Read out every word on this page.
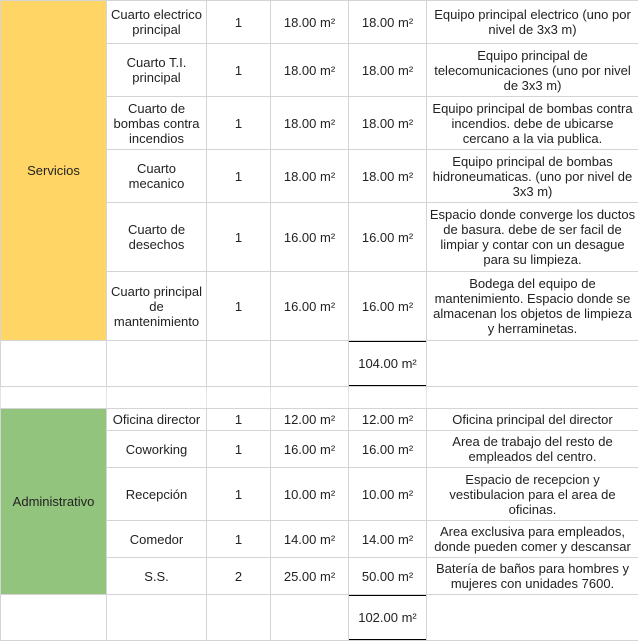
Servicios	Cuarto electrico principal	1	18.00 m²	18.00 m²	Equipo principal electrico (uno por nivel de 3x3 m)
	Cuarto T.I. principal	1	18.00 m²	18.00 m²	Equipo principal de telecomunicaciones (uno por nivel de 3x3 m)
	Cuarto de bombas contra incendios	1	18.00 m²	18.00 m²	Equipo principal de bombas contra incendios. debe de ubicarse cercano a la via publica.
	Cuarto mecanico	1	18.00 m²	18.00 m²	Equipo principal de bombas hidroneumaticas. (uno por nivel de 3x3 m)
	Cuarto de desechos	1	16.00 m²	16.00 m²	Espacio donde converge los ductos de basura. debe de ser facil de limpiar y contar con un desague para su limpieza.
	Cuarto principal de mantenimiento	1	16.00 m²	16.00 m²	Bodega del equipo de mantenimiento. Espacio donde se almacenan los objetos de limpieza y herraminetas.

				104.00 m²	

Administrativo	Oficina director	1	12.00 m²	12.00 m²	Oficina principal del director
	Coworking	1	16.00 m²	16.00 m²	Area de trabajo del resto de empleados del centro.
	Recepción	1	10.00 m²	10.00 m²	Espacio de recepcion y vestibulacion para el area de oficinas.
	Comedor	1	14.00 m²	14.00 m²	Area exclusiva para empleados, donde pueden comer y descansar
	S.S.	2	25.00 m²	50.00 m²	Batería de baños para hombres y mujeres con unidades 7600.

				102.00 m²	
